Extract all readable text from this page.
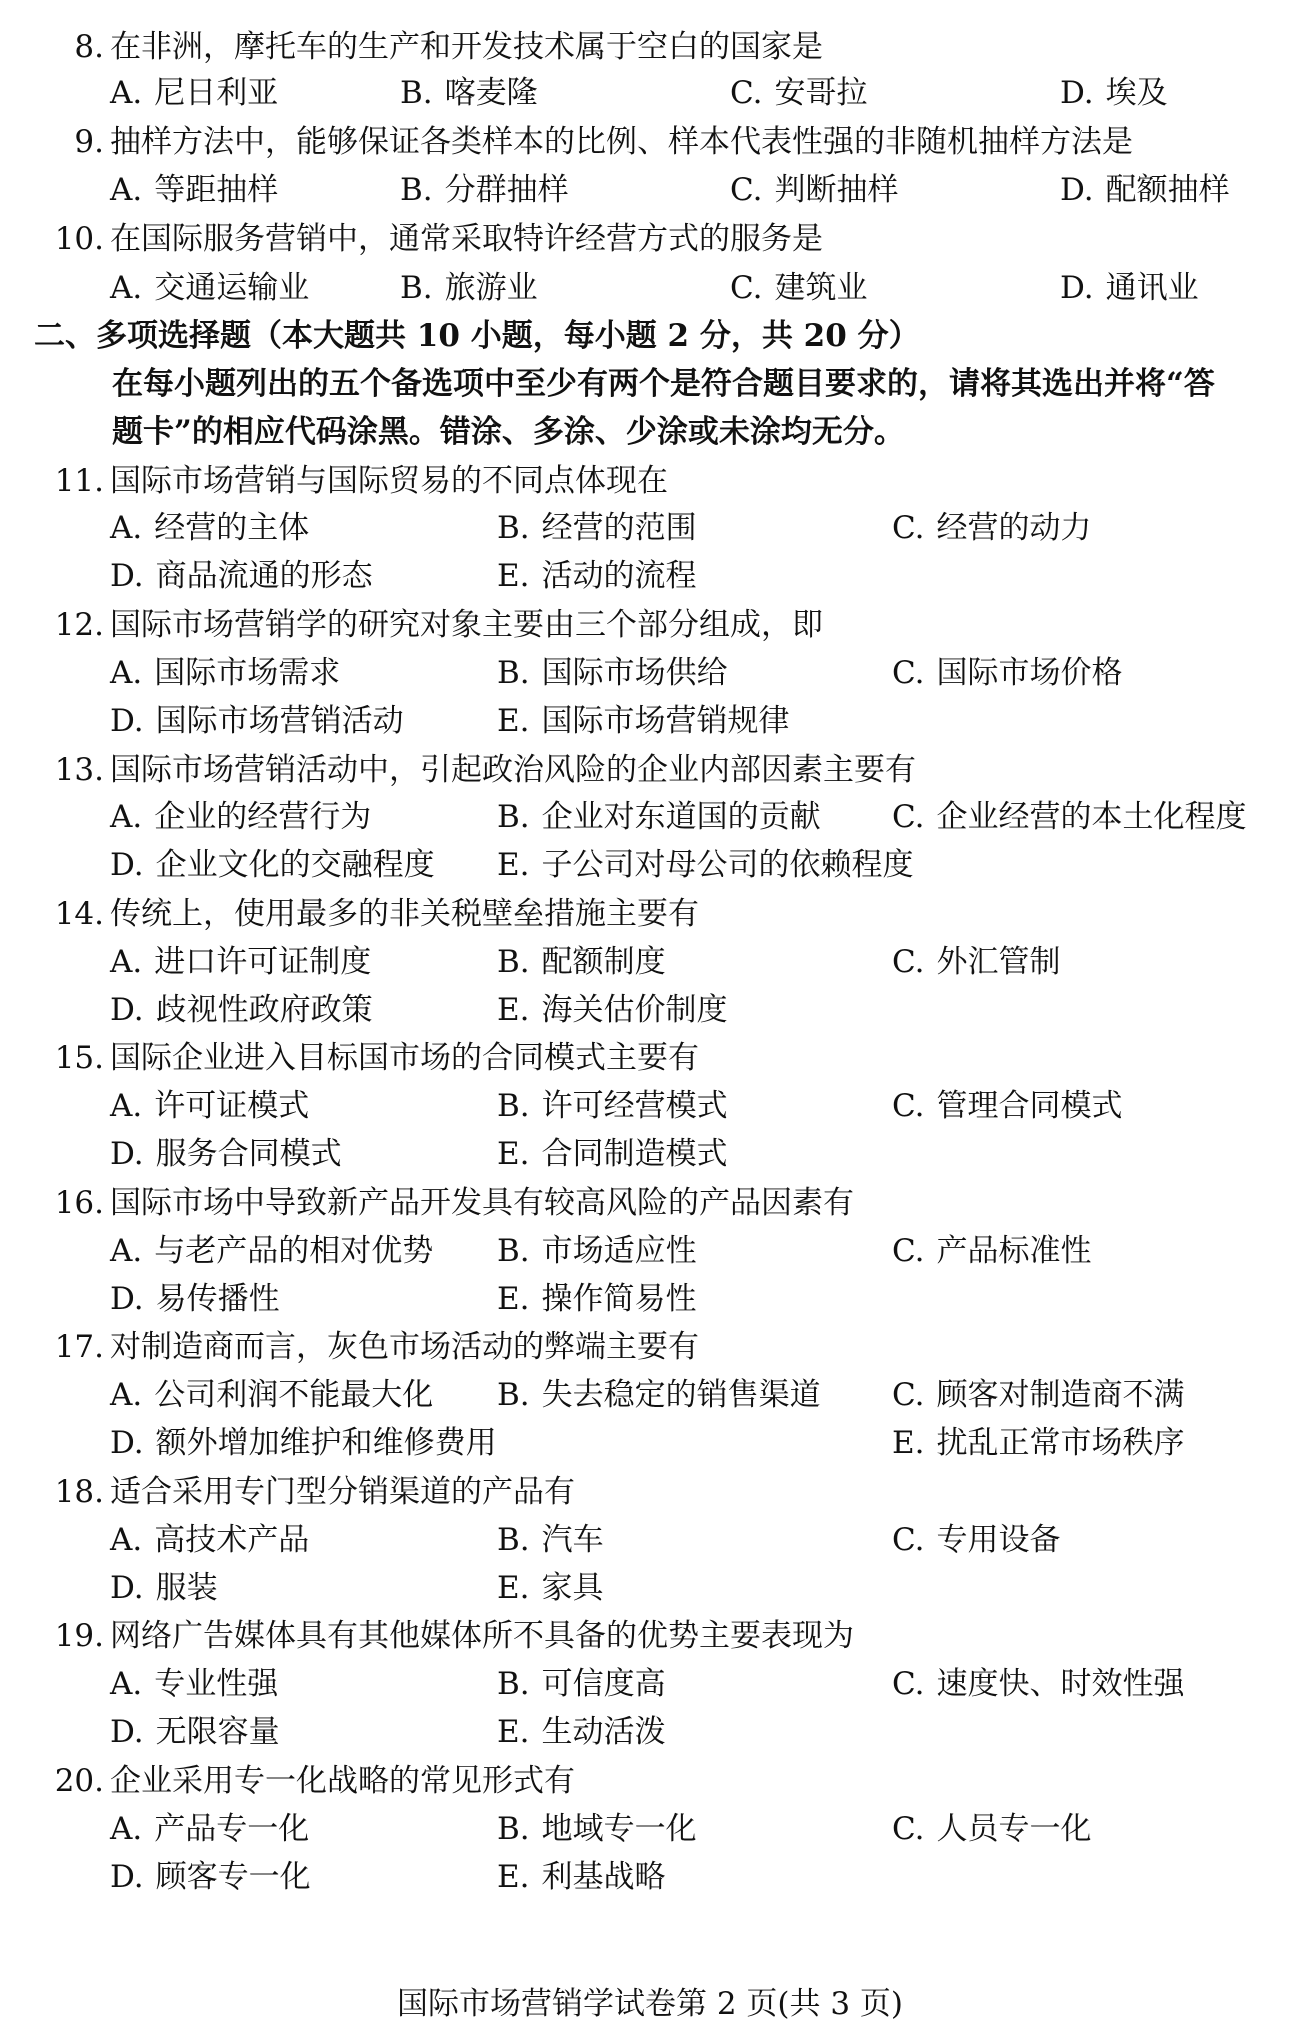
8. 在非洲，摩托车的生产和开发技术属于空白的国家是
A. 尼日利亚	B. 喀麦隆	C. 安哥拉	D. 埃及
9. 抽样方法中，能够保证各类样本的比例、样本代表性强的非随机抽样方法是
A. 等距抽样	B. 分群抽样	C. 判断抽样	D. 配额抽样
10. 在国际服务营销中，通常采取特许经营方式的服务是
A. 交通运输业	B. 旅游业	C. 建筑业	D. 通讯业
二、多项选择题（本大题共 10 小题，每小题 2 分，共 20 分）
在每小题列出的五个备选项中至少有两个是符合题目要求的，请将其选出并将“答
题卡”的相应代码涂黑。错涂、多涂、少涂或未涂均无分。
11. 国际市场营销与国际贸易的不同点体现在
A. 经营的主体	B. 经营的范围	C. 经营的动力
D. 商品流通的形态	E. 活动的流程
12. 国际市场营销学的研究对象主要由三个部分组成，即
A. 国际市场需求	B. 国际市场供给	C. 国际市场价格
D. 国际市场营销活动	E. 国际市场营销规律
13. 国际市场营销活动中，引起政治风险的企业内部因素主要有
A. 企业的经营行为	B. 企业对东道国的贡献 C. 企业经营的本土化程度
D. 企业文化的交融程度 E. 子公司对母公司的依赖程度
14. 传统上，使用最多的非关税壁垒措施主要有
A. 进口许可证制度	B. 配额制度	C. 外汇管制
D. 歧视性政府政策	E. 海关估价制度
15. 国际企业进入目标国市场的合同模式主要有
A. 许可证模式	B. 许可经营模式	C. 管理合同模式
D. 服务合同模式	E. 合同制造模式
16. 国际市场中导致新产品开发具有较高风险的产品因素有
A. 与老产品的相对优势 B. 市场适应性	C. 产品标准性
D. 易传播性	E. 操作简易性
17. 对制造商而言，灰色市场活动的弊端主要有
A. 公司利润不能最大化 B. 失去稳定的销售渠道 C. 顾客对制造商不满
D. 额外增加维护和维修费用	E. 扰乱正常市场秩序
18. 适合采用专门型分销渠道的产品有
A. 高技术产品	B. 汽车	C. 专用设备
D. 服装	E. 家具
19. 网络广告媒体具有其他媒体所不具备的优势主要表现为
A. 专业性强	B. 可信度高	C. 速度快、时效性强
D. 无限容量	E. 生动活泼
20. 企业采用专一化战略的常见形式有
A. 产品专一化	B. 地域专一化	C. 人员专一化
D. 顾客专一化	E. 利基战略
国际市场营销学试卷第 2 页(共 3 页)
